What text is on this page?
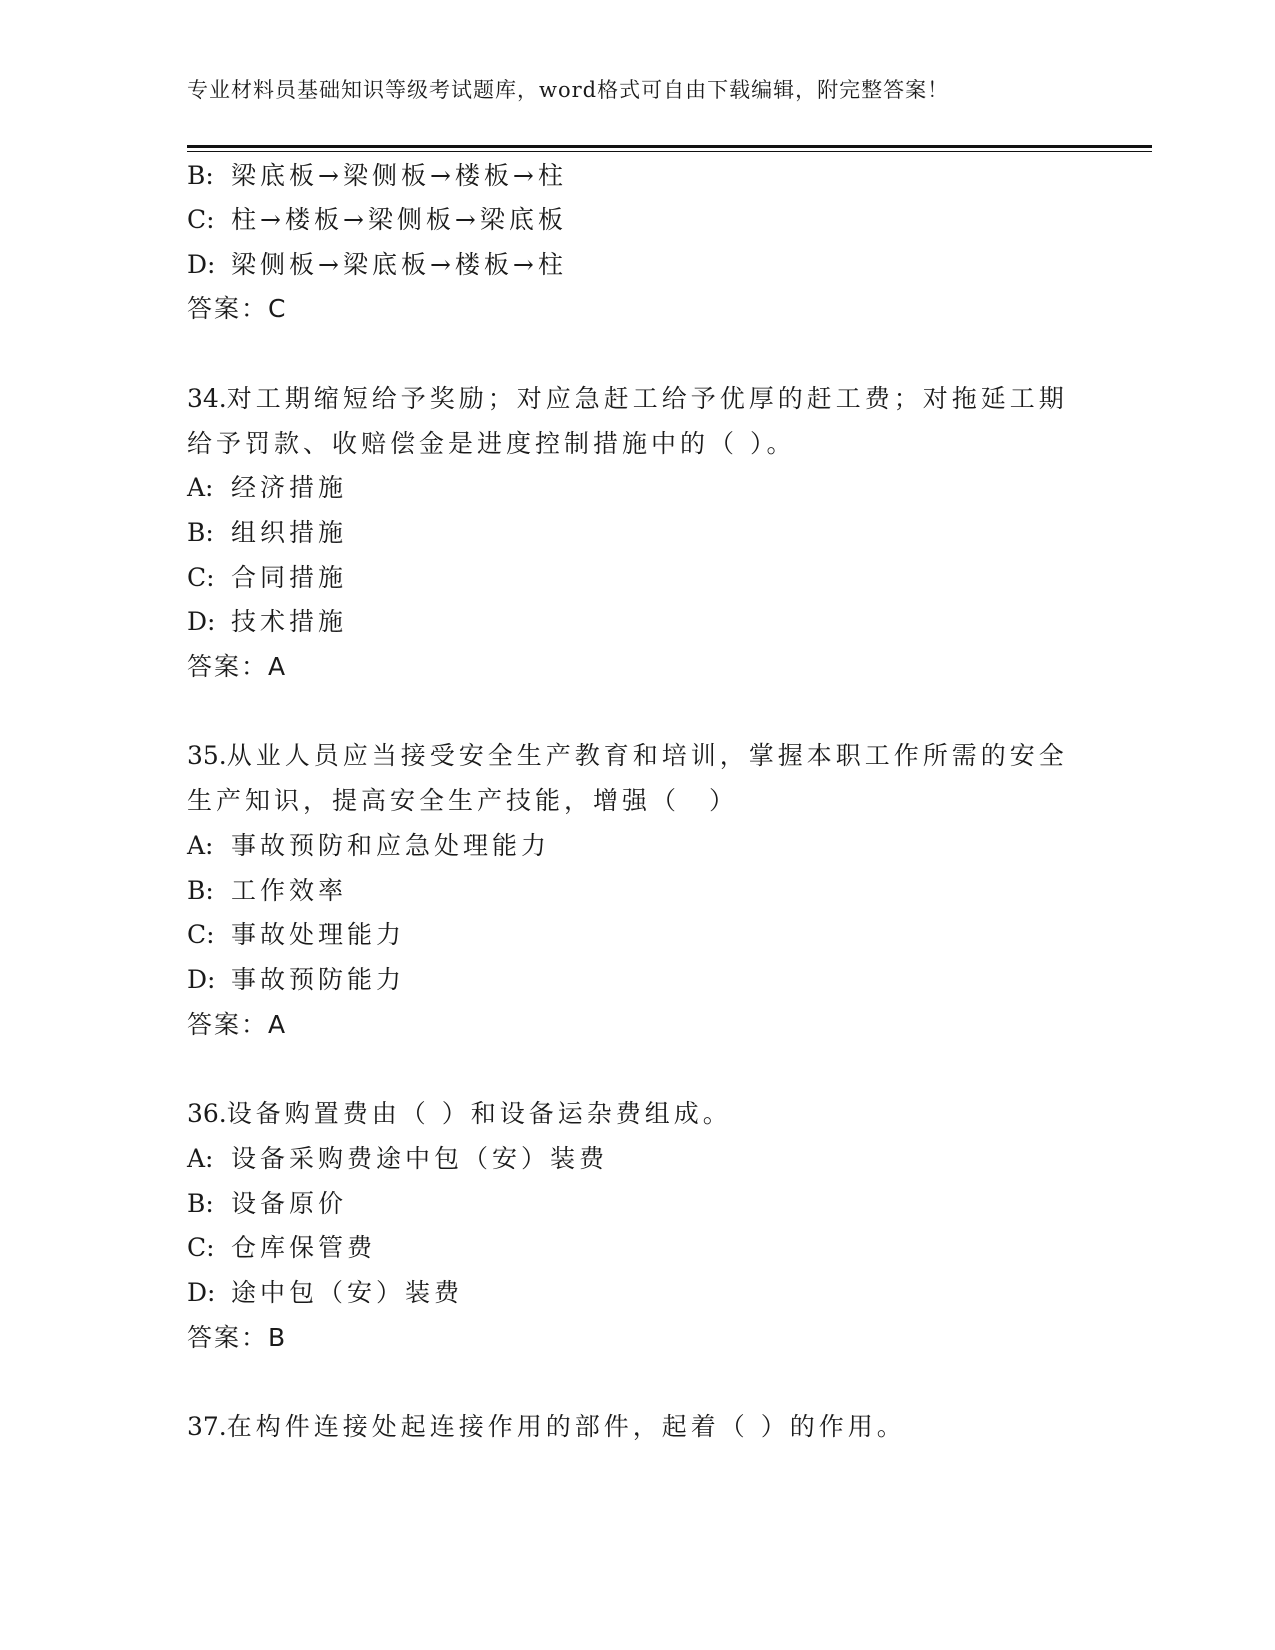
专业材料员基础知识等级考试题库，word格式可自由下载编辑，附完整答案！
B: 梁底板→梁侧板→楼板→柱
C: 柱→楼板→梁侧板→梁底板
D: 梁侧板→梁底板→楼板→柱
答案：C
34.对工期缩短给予奖励；对应急赶工给予优厚的赶工费；对拖延工期
给予罚款、收赔偿金是进度控制措施中的（ ）。
A: 经济措施
B: 组织措施
C: 合同措施
D: 技术措施
答案：A
35.从业人员应当接受安全生产教育和培训，掌握本职工作所需的安全
生产知识，提高安全生产技能，增强（　）
A: 事故预防和应急处理能力
B: 工作效率
C: 事故处理能力
D: 事故预防能力
答案：A
36.设备购置费由（ ）和设备运杂费组成。
A: 设备采购费途中包（安）装费
B: 设备原价
C: 仓库保管费
D: 途中包（安）装费
答案：B
37.在构件连接处起连接作用的部件，起着（ ）的作用。
